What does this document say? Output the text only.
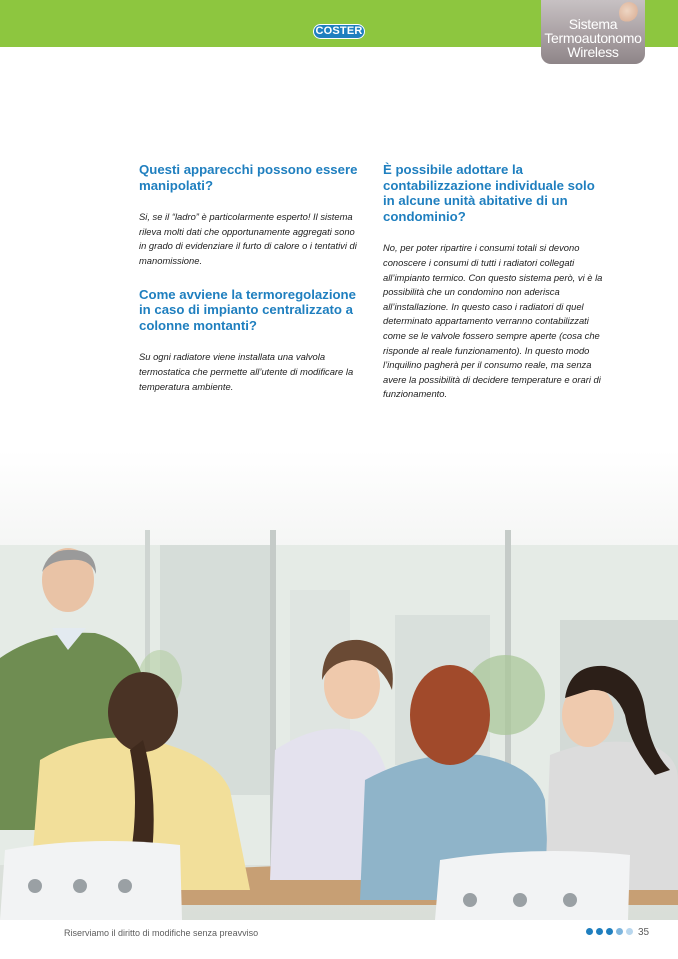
COSTER	Sistema
Termoautonomo
Wireless
Questi apparecchi possono essere manipolati?

Si, se il “ladro” è particolarmente esperto! Il sistema rileva molti dati che opportunamente aggregati sono in grado di evidenziare il furto di calore o i tentativi di manomissione.

Come avviene la termoregolazione in caso di impianto centralizzato a colonne montanti?

Su ogni radiatore viene installata una valvola termostatica che permette all’utente di modificare la temperatura ambiente.

È possibile adottare la contabilizzazione individuale solo in alcune unità abitative di un condominio?

No, per poter ripartire i consumi totali si devono conoscere i consumi di tutti i radiatori collegati all’impianto termico. Con questo sistema però, vi è la possibilità che un condomino non aderisca all’installazione. In questo caso i radiatori di quel determinato appartamento verranno contabilizzati come se le valvole fossero sempre aperte (cosa che risponde al reale funzionamento). In questo modo l’inquilino pagherà per il consumo reale, ma senza avere la possibilità di decidere temperature e orari di funzionamento.

Riserviamo il diritto di modifiche senza preavviso	35
